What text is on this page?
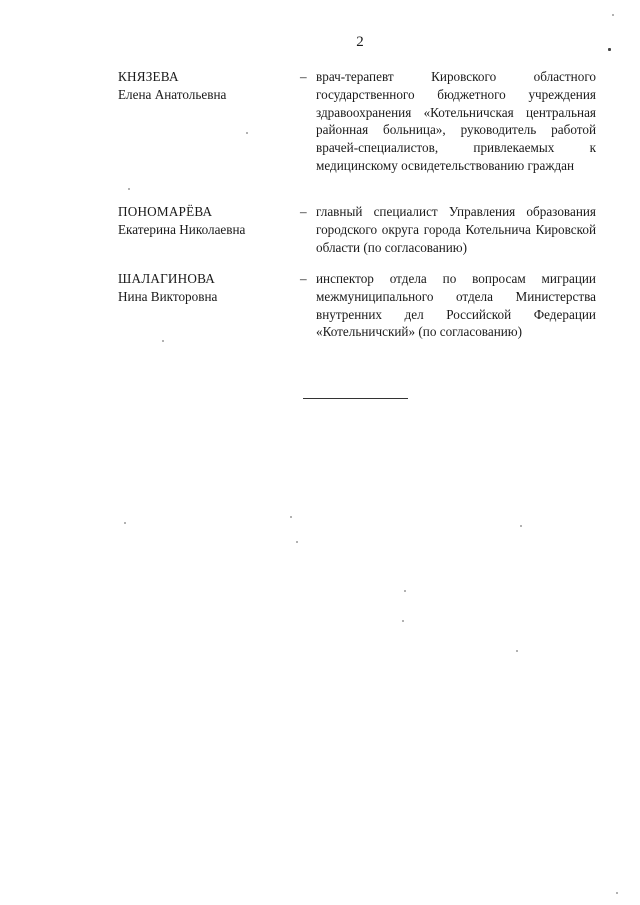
2
КНЯЗЕВА
Елена Анатольевна
– врач-терапевт Кировского областного государственного бюджетного учреждения здравоохранения «Котельничская центральная районная больница», руководитель работой врачей-специалистов, привлекаемых к медицинскому освидетельствованию граждан
ПОНОМАРЁВА
Екатерина Николаевна
– главный специалист Управления образования городского округа города Котельнича Кировской области (по согласованию)
ШАЛАГИНОВА
Нина Викторовна
– инспектор отдела по вопросам миграции межмуниципального отдела Министерства внутренних дел Российской Федерации «Котельничский» (по согласованию)
